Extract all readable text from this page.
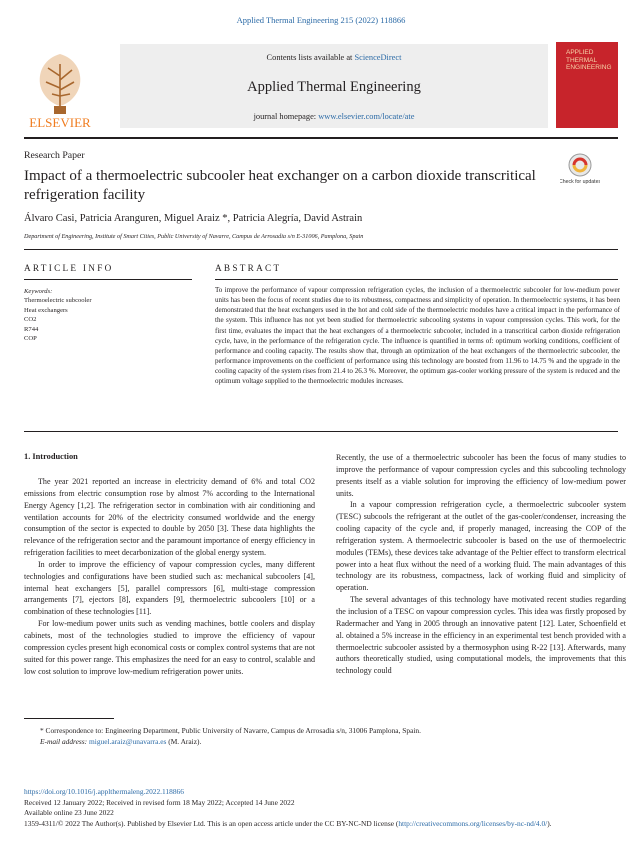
Applied Thermal Engineering 215 (2022) 118866
ELSEVIER
Contents lists available at ScienceDirect
Applied Thermal Engineering
journal homepage: www.elsevier.com/locate/ate
APPLIED THERMAL ENGINEERING
Research Paper
Impact of a thermoelectric subcooler heat exchanger on a carbon dioxide transcritical refrigeration facility
Check for updates
Álvaro Casi, Patricia Aranguren, Miguel Araiz *, Patricia Alegría, David Astrain
Department of Engineering, Institute of Smart Cities, Public University of Navarre, Campus de Arrosadia s/n E-31006, Pamplona, Spain
ARTICLE INFO	ABSTRACT
Keywords:
Thermoelectric subcooler
Heat exchangers
CO2
R744
COP
To improve the performance of vapour compression refrigeration cycles, the inclusion of a thermoelectric subcooler for low-medium power units has been the focus of recent studies due to its robustness, compactness and simplicity of operation. In thermoelectric systems, it has been demonstrated that the heat exchangers used in the hot and cold side of the thermoelectric modules have a critical impact in the performance of the system. This influence has not yet been studied for thermoelectric subcooling systems in vapour compression cycles. This work, for the first time, evaluates the impact that the heat exchangers of a thermoelectric subcooler, included in a transcritical carbon dioxide refrigeration cycle, have, in the performance of the refrigeration cycle. The influence is quantified in terms of: optimum working conditions, coefficient of performance and cooling capacity. The results show that, through an optimization of the heat exchangers of the thermoelectric subcooler, the performance improvements on the coefficient of performance using this technology are boosted from 11.96 to 14.75 % and the upgrade in the cooling capacity of the system rises from 21.4 to 26.3 %. Moreover, the optimum gas-cooler working pressure of the system is reduced and the optimum voltage supplied to the thermoelectric modules increases.
1. Introduction

The year 2021 reported an increase in electricity demand of 6% and total CO2 emissions from electric consumption rose by almost 7% according to the International Energy Agency [1,2]. The refrigeration sector in combination with air conditioning and ventilation accounts for 20% of the electricity consumed worldwide and the energy consumption of the sector is expected to double by 2050 [3]. These data highlights the relevance of the refrigeration sector and the paramount importance of energy efficiency in refrigeration facilities to meet decarbonization of the global energy system.

In order to improve the efficiency of vapour compression cycles, many different technologies and configurations have been studied such as: mechanical subcoolers [4], internal heat exchangers [5], parallel compressors [6], multi-stage compression arrangements [7], ejectors [8], expanders [9], thermoelectric subcoolers [10] or a combination of these technologies [11].

For low-medium power units such as vending machines, bottle coolers and display cabinets, most of the technologies studied to improve the efficiency of vapour compression cycles present high economical costs or complex control systems that are not suited for this power range. This emphasizes the need for an easy to control, scalable and low cost solution to improve low-medium refrigeration power units.

Recently, the use of a thermoelectric subcooler has been the focus of many studies to improve the performance of vapour compression cycles and this subcooling technology presents itself as a viable solution for improving the efficiency of low-medium power units.

In a vapour compression refrigeration cycle, a thermoelectric subcooler system (TESC) subcools the refrigerant at the outlet of the gas-cooler/condenser, increasing the cooling capacity of the cycle and, if properly managed, increasing the COP of the refrigeration system. A thermoelectric subcooler is based on the use of thermoelectric modules (TEMs), these devices take advantage of the Peltier effect to transform electrical power into a heat flux without the need of a working fluid. The main advantages of this technology are its robustness, compactness, lack of working fluid and simplicity of operation.

The several advantages of this technology have motivated recent studies regarding the inclusion of a TESC on vapour compression cycles. This idea was firstly proposed by Radermacher and Yang in 2005 through an innovative patent [12]. Later, Schoenfield et al. obtained a 5% increase in the efficiency in an experimental test bench provided with a thermoelectric subcooler assisted by a thermosyphon using R-22 [13]. Afterwards, many authors theoretically studied, using computational models, the improvements that this technology could

* Correspondence to: Engineering Department, Public University of Navarre, Campus de Arrosadia s/n, 31006 Pamplona, Spain.
E-mail address: miguel.araiz@unavarra.es (M. Araiz).
https://doi.org/10.1016/j.applthermaleng.2022.118866
Received 12 January 2022; Received in revised form 18 May 2022; Accepted 14 June 2022
Available online 23 June 2022
1359-4311/© 2022 The Author(s). Published by Elsevier Ltd. This is an open access article under the CC BY-NC-ND license (http://creativecommons.org/licenses/by-nc-nd/4.0/).
